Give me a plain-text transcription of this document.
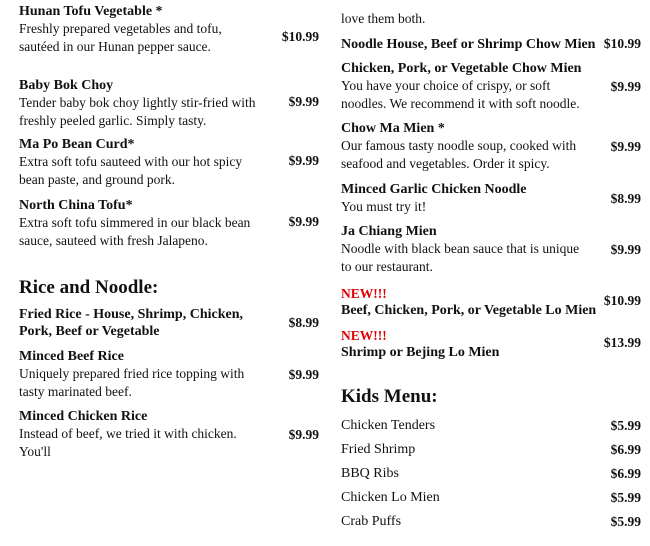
Hunan Tofu Vegetable *
Freshly prepared vegetables and tofu, sautéed in our Hunan pepper sauce.
$10.99
Baby Bok Choy
Tender baby bok choy lightly stir-fried with freshly peeled garlic. Simply tasty.
$9.99
Ma Po Bean Curd*
Extra soft tofu sauteed with our hot spicy bean paste, and ground pork.
$9.99
North China Tofu*
Extra soft tofu simmered in our black bean sauce, sauteed with fresh Jalapeno.
$9.99
Rice and Noodle:
Fried Rice - House, Shrimp, Chicken, Pork, Beef or Vegetable
$8.99
Minced Beef Rice
Uniquely prepared fried rice topping with tasty marinated beef.
$9.99
Minced Chicken Rice
Instead of beef, we tried it with chicken. You'll
$9.99
love them both.
Noodle House, Beef or Shrimp Chow Mien $10.99
Chicken, Pork, or Vegetable Chow Mien
You have your choice of crispy, or soft noodles. We recommend it with soft noodle.
$9.99
Chow Ma Mien *
Our famous tasty noodle soup, cooked with seafood and vegetables. Order it spicy.
$9.99
Minced Garlic Chicken Noodle
You must try it!
$8.99
Ja Chiang Mien
Noodle with black bean sauce that is unique to our restaurant.
$9.99
NEW!!!
Beef, Chicken, Pork, or Vegetable Lo Mien
$10.99
NEW!!!
Shrimp or Bejing Lo Mien
$13.99
Kids Menu:
Chicken Tenders	$5.99
Fried Shrimp	$6.99
BBQ Ribs	$6.99
Chicken Lo Mien	$5.99
Crab Puffs	$5.99
